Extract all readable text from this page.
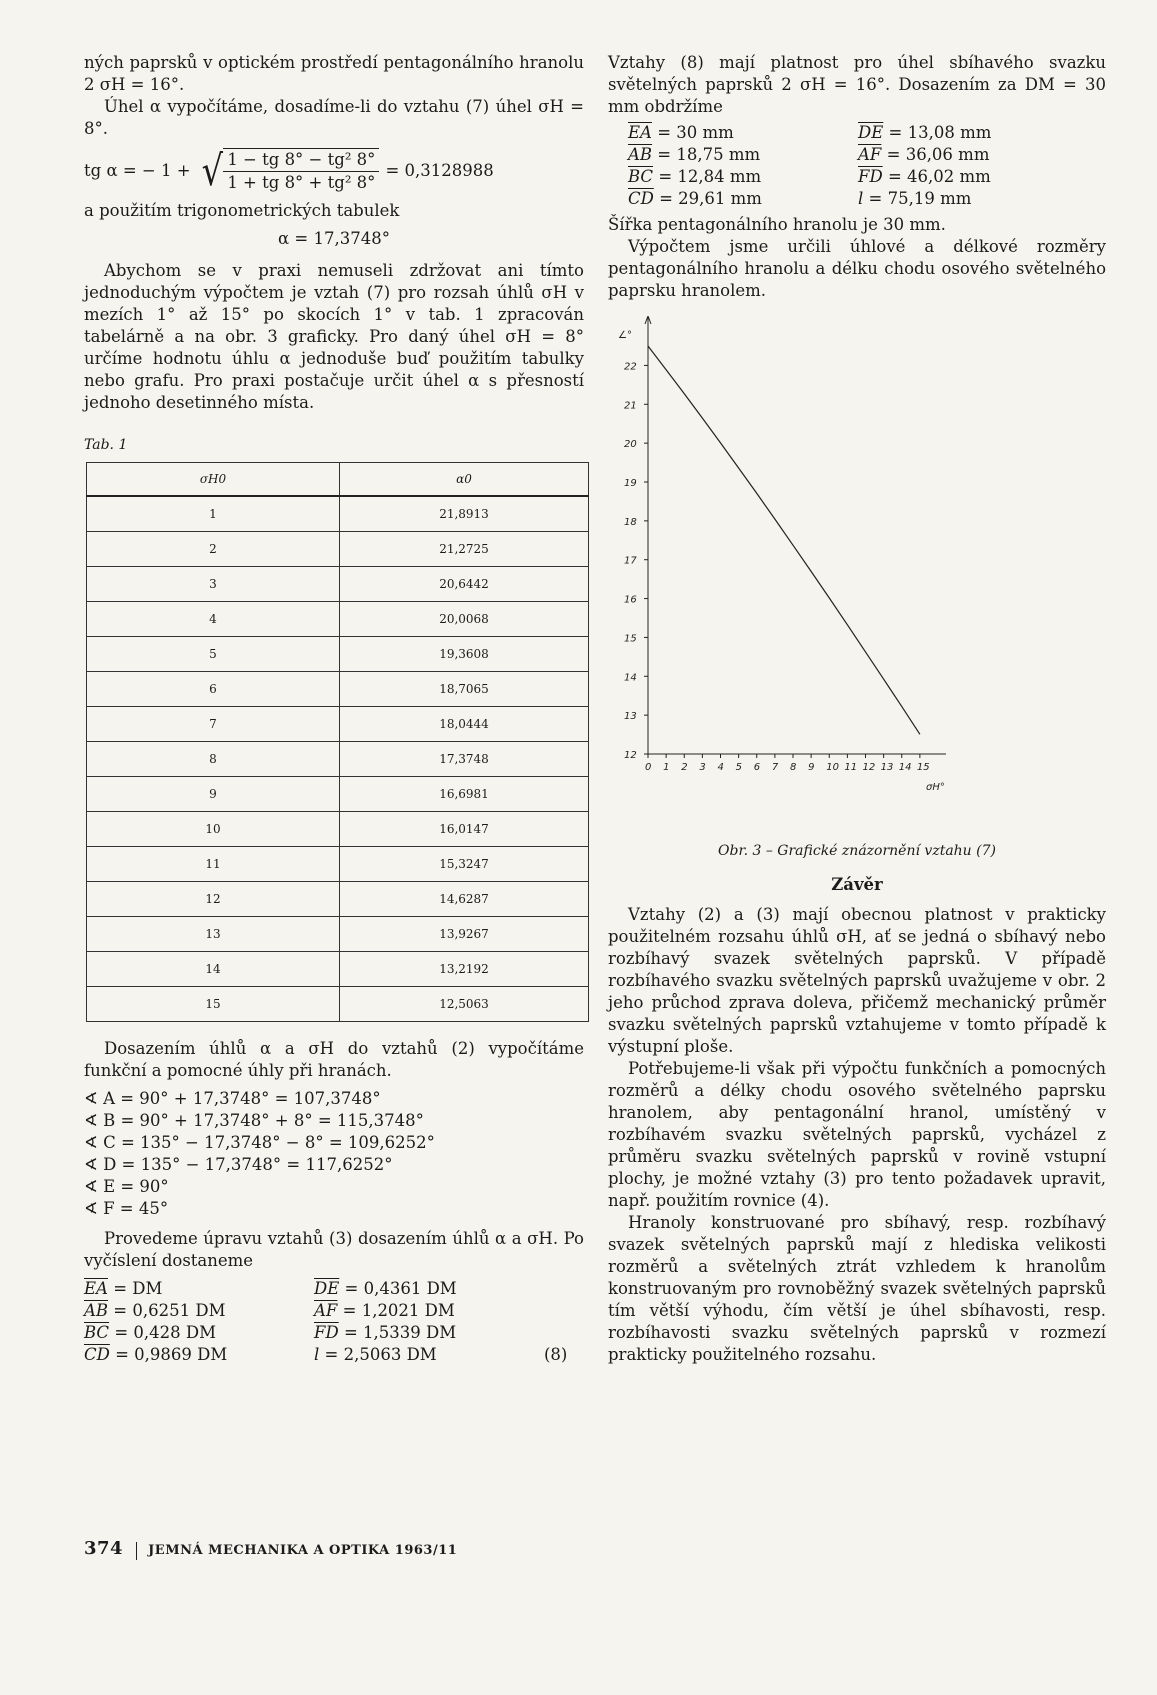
ných paprsků v optickém prostředí pentagonálního hranolu 2 σH = 16°.

Úhel α vypočítáme, dosadíme-li do vztahu (7) úhel σH = 8°.

tg α = − 1 + √ $\frac{\text{1 − tg 8° − tg² 8°}}{\text{1 + tg 8° + tg² 8°}} = 0,3128988$

a použitím trigonometrických tabulek

α = 17,3748°

Abychom se v praxi nemuseli zdržovat ani tímto jednoduchým výpočtem je vztah (7) pro rozsah úhlů σH v mezích 1° až 15° po skocích 1° v tab. 1 zpracován tabelárně a na obr. 3 graficky. Pro daný úhel σH = 8° určíme hodnotu úhlu α jednoduše buď použitím tabulky nebo grafu. Pro praxi postačuje určit úhel α s přesností jednoho desetinného místa.

Tab. 1
σH0	α0
1	21,8913
2	21,2725
3	20,6442
4	20,0068
5	19,3608
6	18,7065
7	18,0444
8	17,3748
9	16,6981
10	16,0147
11	15,3247
12	14,6287
13	13,9267
14	13,2192
15	12,5063

Dosazením úhlů α a σH do vztahů (2) vypočítáme funkční a pomocné úhly při hranách.

∢ A = 90° + 17,3748° = 107,3748°
∢ B = 90° + 17,3748° + 8° = 115,3748°
∢ C = 135° − 17,3748° − 8° = 109,6252°
∢ D = 135° − 17,3748° = 117,6252°
∢ E = 90°
∢ F = 45°

Provedeme úpravu vztahů (3) dosazením úhlů α a σH. Po vyčíslení dostaneme

$\overline{EA}$ = DM	$\overline{DE} = 0,4361$ DM
$\overline{AB} = 0,6251$ DM	$\overline{AF} = 1,2021$ DM
$\overline{BC} = 0,428$ DM	$\overline{FD} = 1,5339$ DM
$\overline{CD} = 0,9869$ DM	l = 2,5063 DM	(8)

Vztahy (8) mají platnost pro úhel sbíhavého svazku světelných paprsků 2 σH = 16°. Dosazením za DM = 30 mm obdržíme

$\overline{EA} = 30$ mm	$\overline{DE} = 13,08$ mm
$\overline{AB} = 18,75$ mm	$\overline{AF} = 36,06$ mm
$\overline{BC} = 12,84$ mm	$\overline{FD} = 46,02$ mm
$\overline{CD} = 29,61$ mm	l = 75,19 mm

Šířka pentagonálního hranolu je 30 mm.

Výpočtem jsme určili úhlové a délkové rozměry pentagonálního hranolu a délku chodu osového světelného paprsku hranolem.

12
13
14
15
16
17
18
19
20
21
22
0 1 2 3 4 5 6 7 8 9 10 11 12 13 14 15
σH°
∠°
Obr. 3 – Grafické znázornění vztahu (7)
Závěr

Vztahy (2) a (3) mají obecnou platnost v prakticky použitelném rozsahu úhlů σH, ať se jedná o sbíhavý nebo rozbíhavý svazek světelných paprsků. V případě rozbíhavého svazku světelných paprsků uvažujeme v obr. 2 jeho průchod zprava doleva, přičemž mechanický průměr svazku světelných paprsků vztahujeme v tomto případě k výstupní ploše.

Potřebujeme-li však při výpočtu funkčních a pomocných rozměrů a délky chodu osového světelného paprsku hranolem, aby pentagonální hranol, umístěný v rozbíhavém svazku světelných paprsků, vycházel z průměru svazku světelných paprsků v rovině vstupní plochy, je možné vztahy (3) pro tento požadavek upravit, např. použitím rovnice (4).

Hranoly konstruované pro sbíhavý, resp. rozbíhavý svazek světelných paprsků mají z hlediska velikosti rozměrů a světelných ztrát vzhledem k hranolům konstruovaným pro rovnoběžný svazek světelných paprsků tím větší výhodu, čím větší je úhel sbíhavosti, resp. rozbíhavosti svazku světelných paprsků v rozmezí prakticky použitelného rozsahu.

374 JEMNÁ MECHANIKA A OPTIKA 1963/11
